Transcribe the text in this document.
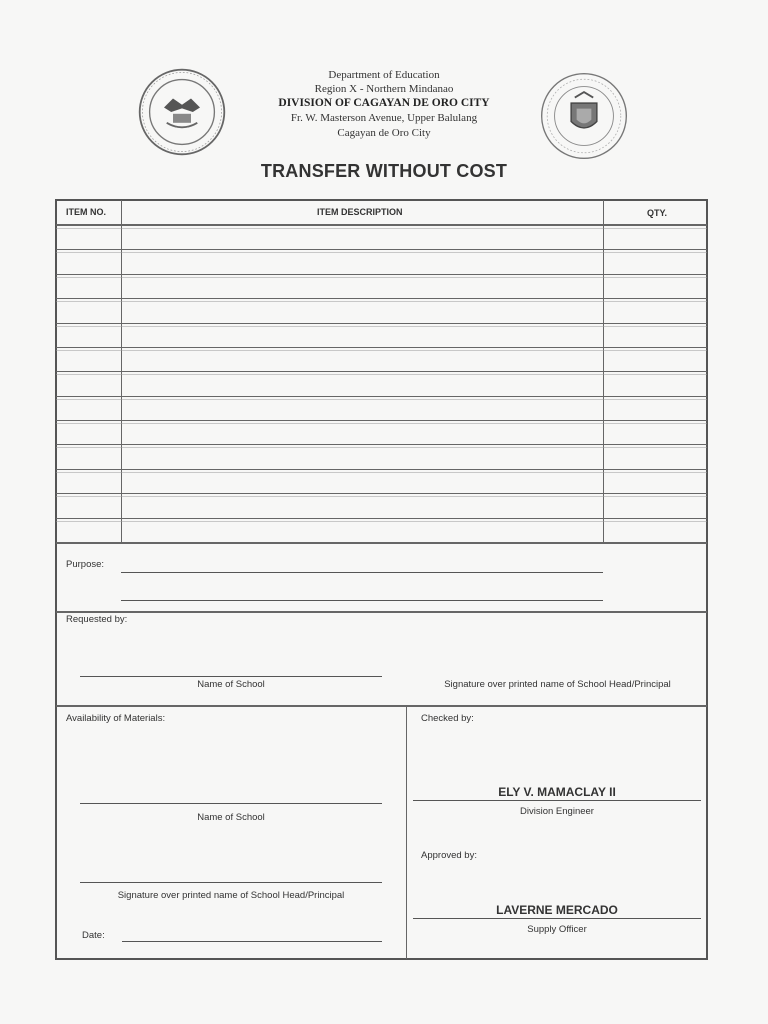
Department of Education
Region X - Northern Mindanao
DIVISION OF CAGAYAN DE ORO CITY
Fr. W. Masterson Avenue, Upper Balulang
Cagayan de Oro City
TRANSFER WITHOUT COST
ITEM NO.	ITEM DESCRIPTION	QTY.
Purpose:
Requested by:
Name of School	Signature over printed name of School Head/Principal
Availability of Materials:
Name of School
Signature over printed name of School Head/Principal
Date:
Checked by:
ELY V. MAMACLAY II
Division Engineer
Approved by:
LAVERNE MERCADO
Supply Officer
